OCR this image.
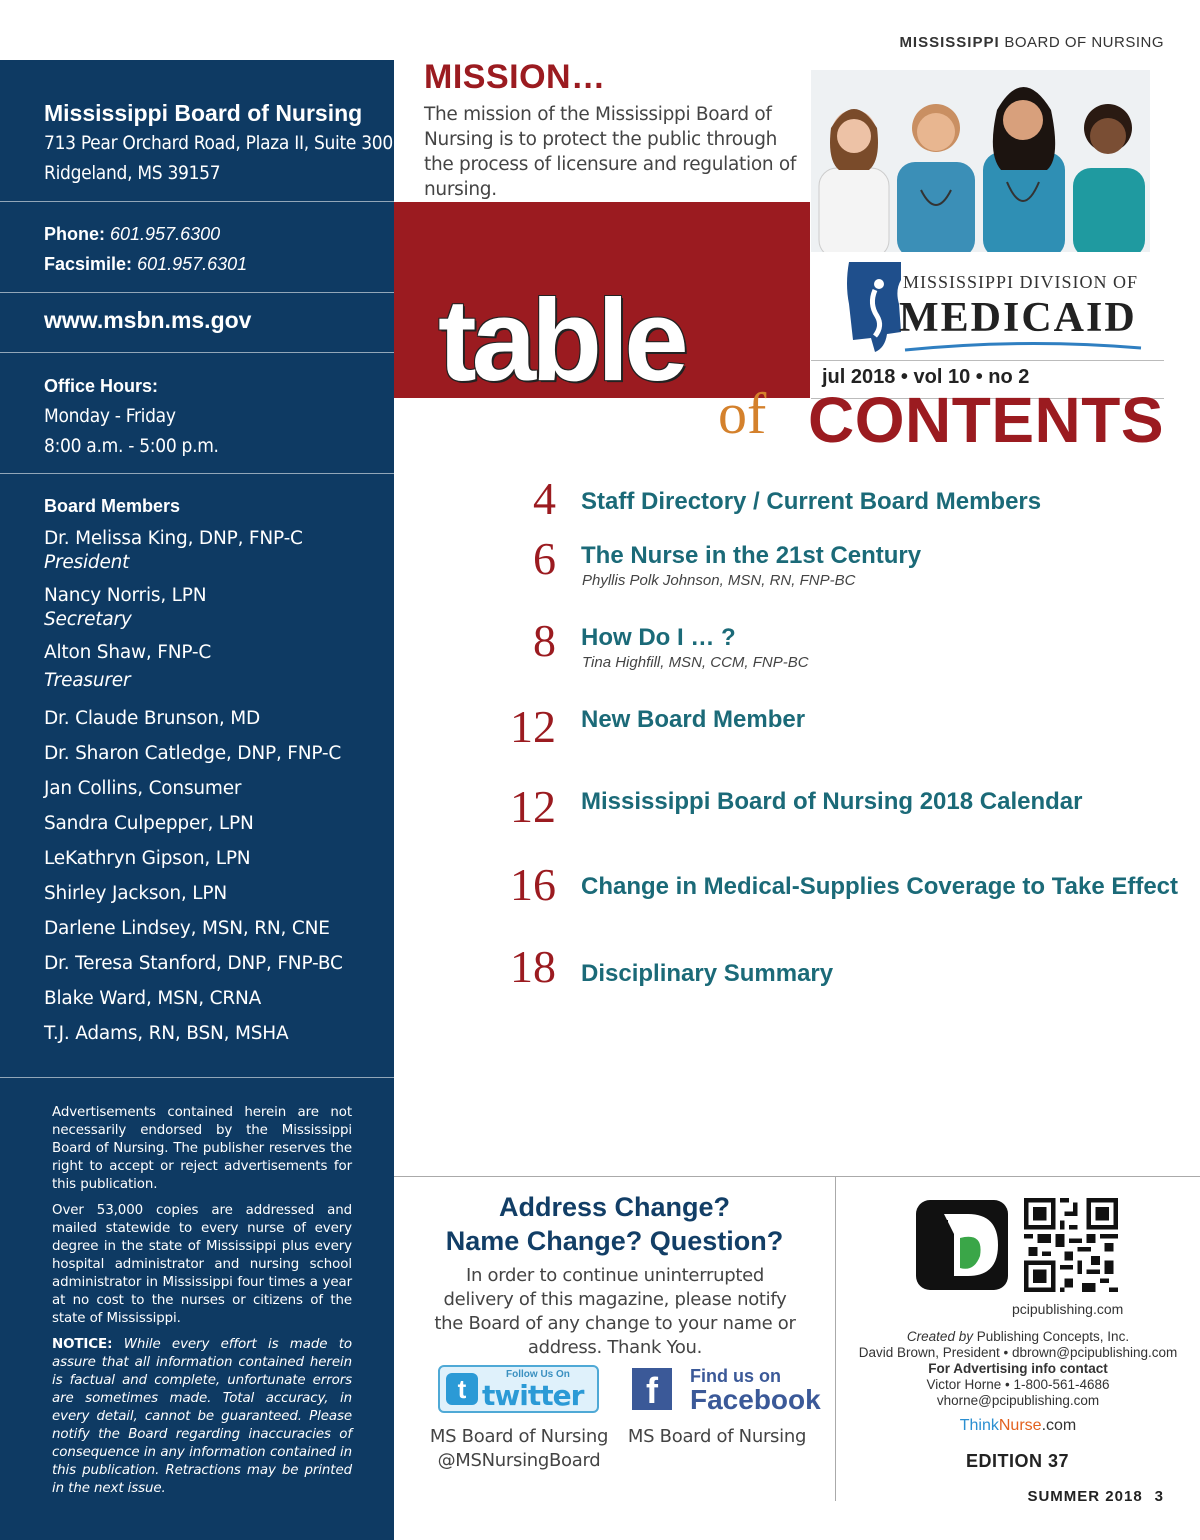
MISSISSIPPI BOARD OF NURSING
Mississippi Board of Nursing
713 Pear Orchard Road, Plaza II, Suite 300
Ridgeland, MS 39157
Phone: 601.957.6300
Facsimile: 601.957.6301
www.msbn.ms.gov
Office Hours:
Monday - Friday
8:00 a.m. - 5:00 p.m.
Board Members
Dr. Melissa King, DNP, FNP-C
President
Nancy Norris, LPN
Secretary
Alton Shaw, FNP-C
Treasurer
Dr. Claude Brunson, MD
Dr. Sharon Catledge, DNP, FNP-C
Jan Collins, Consumer
Sandra Culpepper, LPN
LeKathryn Gipson, LPN
Shirley Jackson, LPN
Darlene Lindsey, MSN, RN, CNE
Dr. Teresa Stanford, DNP, FNP-BC
Blake Ward, MSN, CRNA
T.J. Adams, RN, BSN, MSHA

Advertisements contained herein are not necessarily endorsed by the Mississippi Board of Nursing. The publisher reserves the right to accept or reject advertisements for this publication.

Over 53,000 copies are addressed and mailed statewide to every nurse of every degree in the state of Mississippi plus every hospital administrator and nursing school administrator in Mississippi four times a year at no cost to the nurses or citizens of the state of Mississippi.

NOTICE: While every effort is made to assure that all information contained herein is factual and complete, unfortunate errors are sometimes made. Total accuracy, in every detail, cannot be guaranteed. Please notify the Board regarding inaccuracies of consequence in any information contained in this publication. Retractions may be printed in the next issue.

MISSION…
The mission of the Mississippi Board of Nursing is to protect the public through the process of licensure and regulation of nursing.
MISSISSIPPI DIVISION OF
MEDICAID
jul 2018 • vol 10 • no 2
table
of CONTENTS
4 Staff Directory / Current Board Members
6 The Nurse in the 21st Century
Phyllis Polk Johnson, MSN, RN, FNP-BC
8 How Do I … ?
Tina Highfill, MSN, CCM, FNP-BC
12 New Board Member
12 Mississippi Board of Nursing 2018 Calendar
16 Change in Medical-Supplies Coverage to Take Effect
18 Disciplinary Summary
Address Change?
Name Change? Question?
In order to continue uninterrupted delivery of this magazine, please notify the Board of any change to your name or address. Thank You.
t	Follow Us On
twitter
MS Board of Nursing
@MSNursingBoard
f	Find us on
Facebook
MS Board of Nursing
pcipublishing.com
Created by Publishing Concepts, Inc.
David Brown, President • dbrown@pcipublishing.com
For Advertising info contact
Victor Horne • 1-800-561-4686
vhorne@pcipublishing.com
ThinkNurse.com
EDITION 37
SUMMER 2018 3
